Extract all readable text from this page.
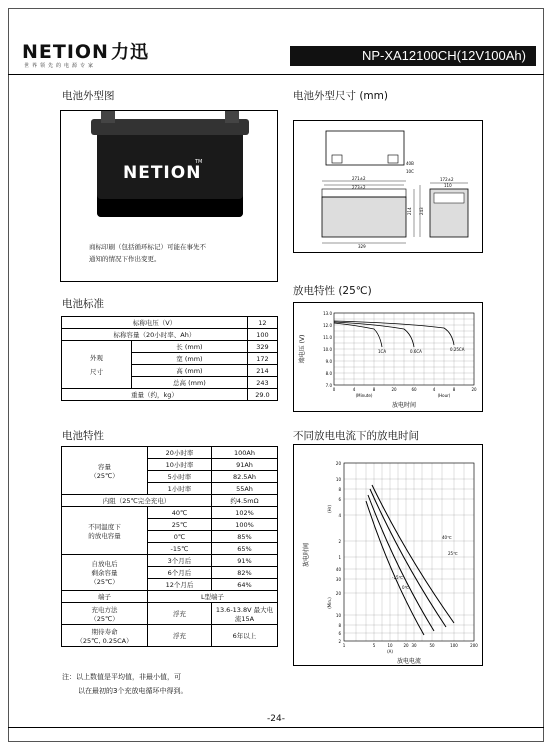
NETION 力迅
世界领先的电源专家
NP-XA12100CH(12V100Ah)
电池外型图	电池外型尺寸 (mm)
NETION
TM
商标印刷（包括循环标记）可能在事先不
通知的情况下作出变更。
271±2
273±2
172±2
110
40B
10C
214 243
329
电池标准
放电特性 (25℃)
标称电压（V）		12
标称容量（20小时率、Ah）		100

外观
尺寸	长 (mm)	329
	宽 (mm)	172
	高 (mm)	214
	总高 (mm)	243
重量（约，kg）		29.0
1CA	0.6CA	0.25CA
13.0
12.0
11.0
10.0
9.0
8.0
7.0
0	4	8	20	60	4	8	20
(Minute)	(Hour)
放电时间
端电压 (V)
电池特性	不同放电电流下的放电时间
容量
（25℃）	20小时率	100Ah
	10小时率	91Ah
	5小时率	82.5Ah
	1小时率	55Ah
内阻（25℃完全充电）		约4.5mΩ

不同温度下
的放电容量	40℃	102%
	25℃	100%
	0℃	85%
	-15℃	65%

自放电后
剩余容量
（25℃）	3个月后	91%
	6个月后	82%
	12个月后	64%
端子	L型端子	

充电方法
（25℃）	浮充	13.6-13.8V 最大电流15A

期待寿命
（25℃, 0.25CA）	浮充	6年以上
40℃
25℃
-15℃
0℃
20
10
8
6
4
2
1
40
30
20
10
8
6
2
(Hr)
(Min.)
放电时间
1	5	10	20 30	50	100	200
(A)
放电电流
注：以上数值是平均值，非最小值，可
以在最初的3个充放电循环中得到。
-24-
